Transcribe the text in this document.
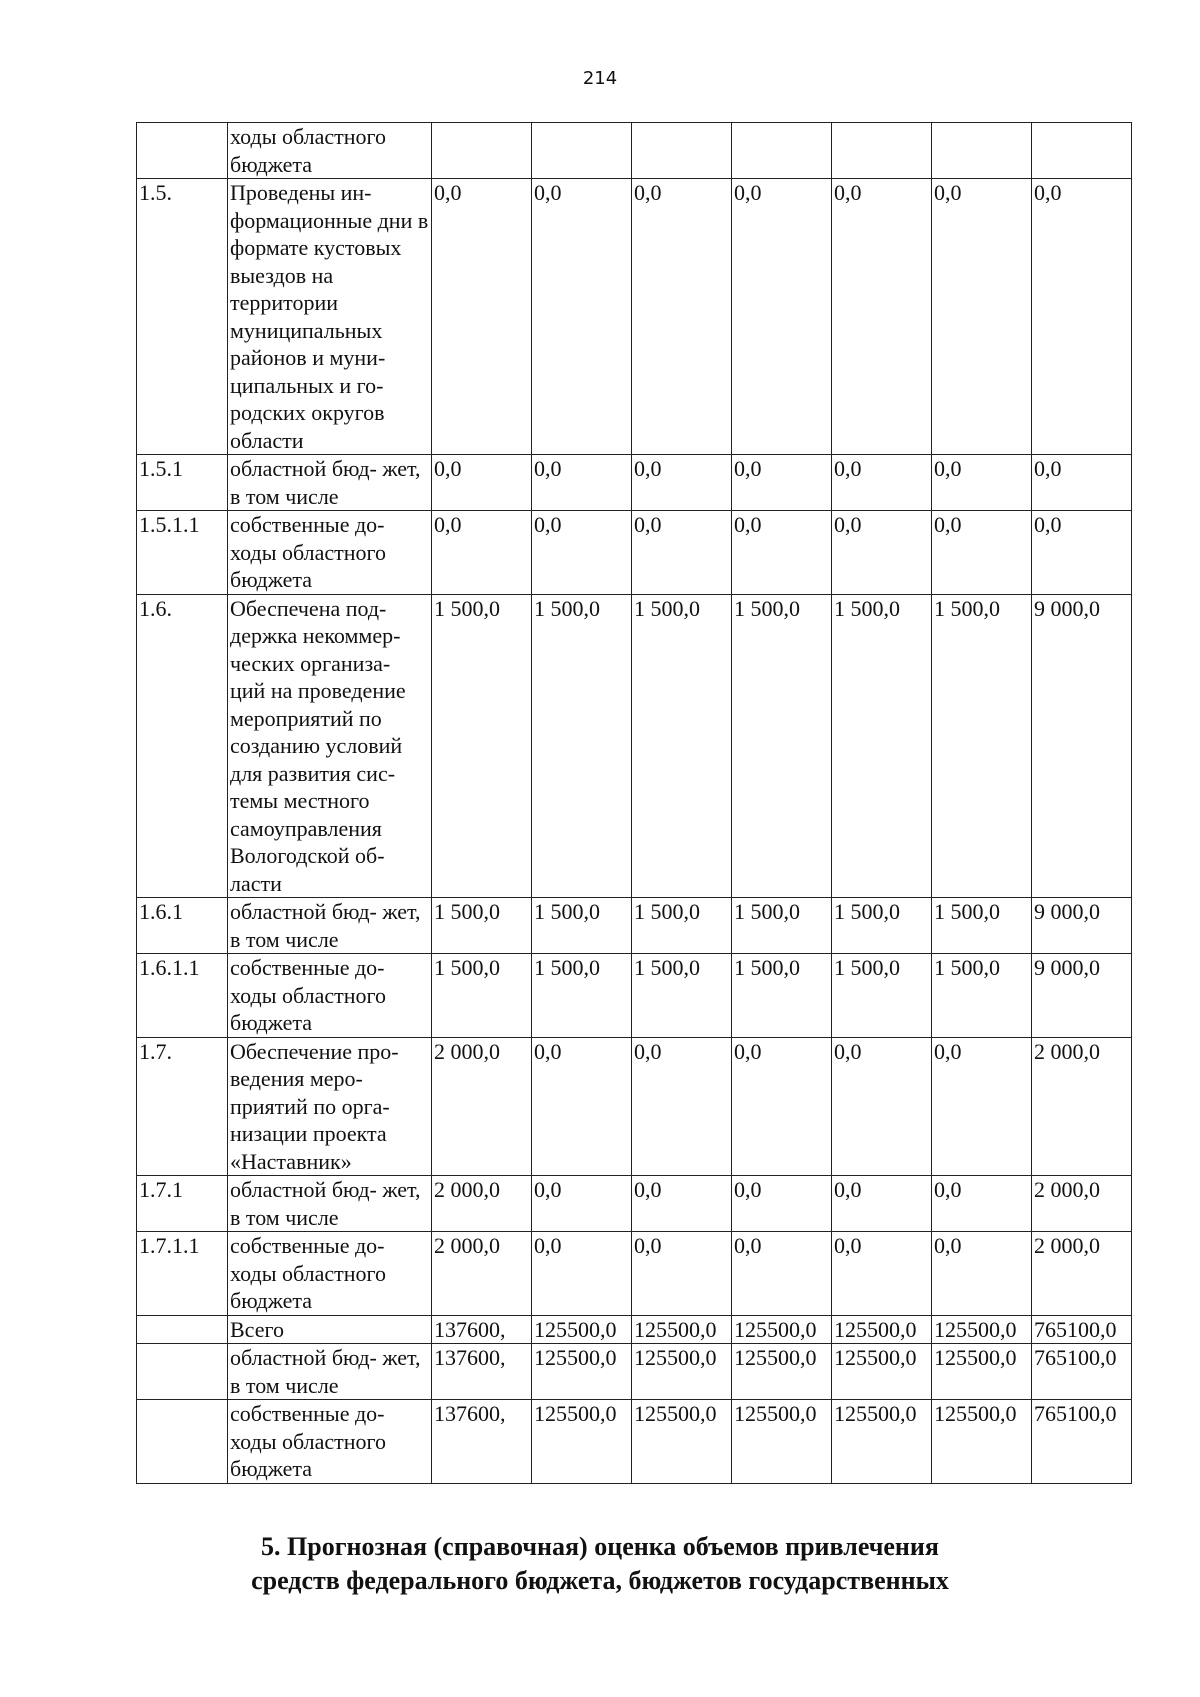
214
	ходы областного бюджета							
1.5.	Проведены ин- формационные дни в формате кустовых выездов на территории муниципальных районов и муни- ципальных и го- родских округов области	0,0	0,0	0,0	0,0	0,0	0,0	0,0
1.5.1	областной бюд- жет, в том числе	0,0	0,0	0,0	0,0	0,0	0,0	0,0
1.5.1.1	собственные до- ходы областного бюджета	0,0	0,0	0,0	0,0	0,0	0,0	0,0
1.6.	Обеспечена под- держка некоммер- ческих организа- ций на проведение мероприятий по созданию условий для развития сис- темы местного самоуправления Вологодской об- ласти	1 500,0	1 500,0	1 500,0	1 500,0	1 500,0	1 500,0	9 000,0
1.6.1	областной бюд- жет, в том числе	1 500,0	1 500,0	1 500,0	1 500,0	1 500,0	1 500,0	9 000,0
1.6.1.1	собственные до- ходы областного бюджета	1 500,0	1 500,0	1 500,0	1 500,0	1 500,0	1 500,0	9 000,0
1.7.	Обеспечение про- ведения меро- приятий по орга- низации проекта «Наставник»	2 000,0	0,0	0,0	0,0	0,0	0,0	2 000,0
1.7.1	областной бюд- жет, в том числе	2 000,0	0,0	0,0	0,0	0,0	0,0	2 000,0
1.7.1.1	собственные до- ходы областного бюджета	2 000,0	0,0	0,0	0,0	0,0	0,0	2 000,0
	Всего	137600,	125500,0	125500,0	125500,0	125500,0	125500,0	765100,0
	областной бюд- жет, в том числе	137600,	125500,0	125500,0	125500,0	125500,0	125500,0	765100,0
	собственные до- ходы областного бюджета	137600,	125500,0	125500,0	125500,0	125500,0	125500,0	765100,0
5. Прогнозная (справочная) оценка объемов привлечения
средств федерального бюджета, бюджетов государственных
